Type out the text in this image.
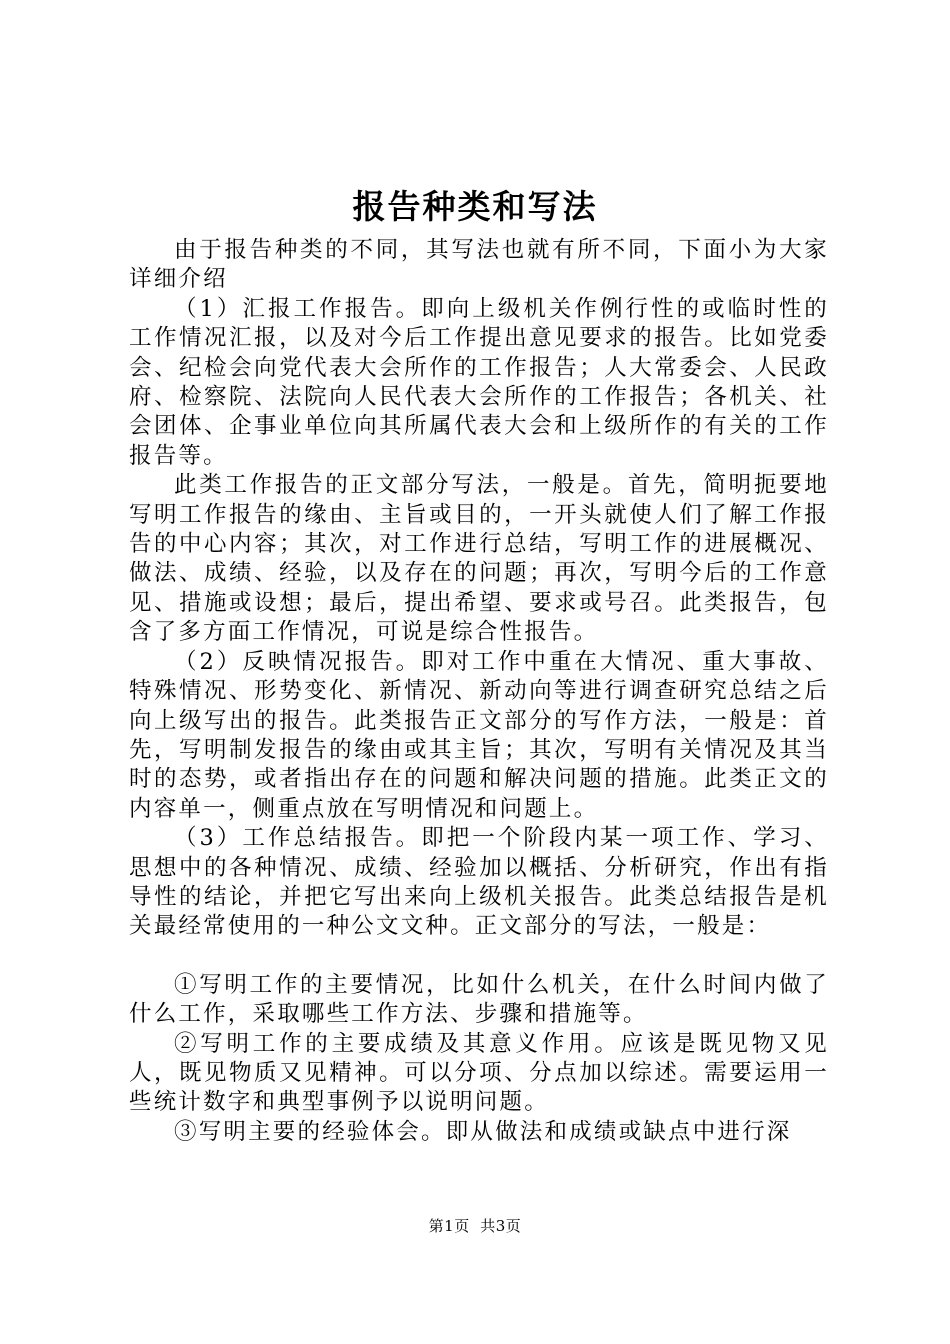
报告种类和写法

由于报告种类的不同，其写法也就有所不同，下面小为大家详细介绍

（1）汇报工作报告。即向上级机关作例行性的或临时性的工作情况汇报，以及对今后工作提出意见要求的报告。比如党委会、纪检会向党代表大会所作的工作报告；人大常委会、人民政府、检察院、法院向人民代表大会所作的工作报告；各机关、社会团体、企事业单位向其所属代表大会和上级所作的有关的工作报告等。

此类工作报告的正文部分写法，一般是。首先，简明扼要地写明工作报告的缘由、主旨或目的，一开头就使人们了解工作报告的中心内容；其次，对工作进行总结，写明工作的进展概况、做法、成绩、经验，以及存在的问题；再次，写明今后的工作意见、措施或设想；最后，提出希望、要求或号召。此类报告，包含了多方面工作情况，可说是综合性报告。

（2）反映情况报告。即对工作中重在大情况、重大事故、特殊情况、形势变化、新情况、新动向等进行调查研究总结之后向上级写出的报告。此类报告正文部分的写作方法，一般是：首先，写明制发报告的缘由或其主旨；其次，写明有关情况及其当时的态势，或者指出存在的问题和解决问题的措施。此类正文的内容单一，侧重点放在写明情况和问题上。

（3）工作总结报告。即把一个阶段内某一项工作、学习、思想中的各种情况、成绩、经验加以概括、分析研究，作出有指导性的结论，并把它写出来向上级机关报告。此类总结报告是机关最经常使用的一种公文文种。正文部分的写法，一般是：

①写明工作的主要情况，比如什么机关，在什么时间内做了什么工作，采取哪些工作方法、步骤和措施等。

②写明工作的主要成绩及其意义作用。应该是既见物又见人，既见物质又见精神。可以分项、分点加以综述。需要运用一些统计数字和典型事例予以说明问题。

③写明主要的经验体会。即从做法和成绩或缺点中进行深

第1页 共3页
